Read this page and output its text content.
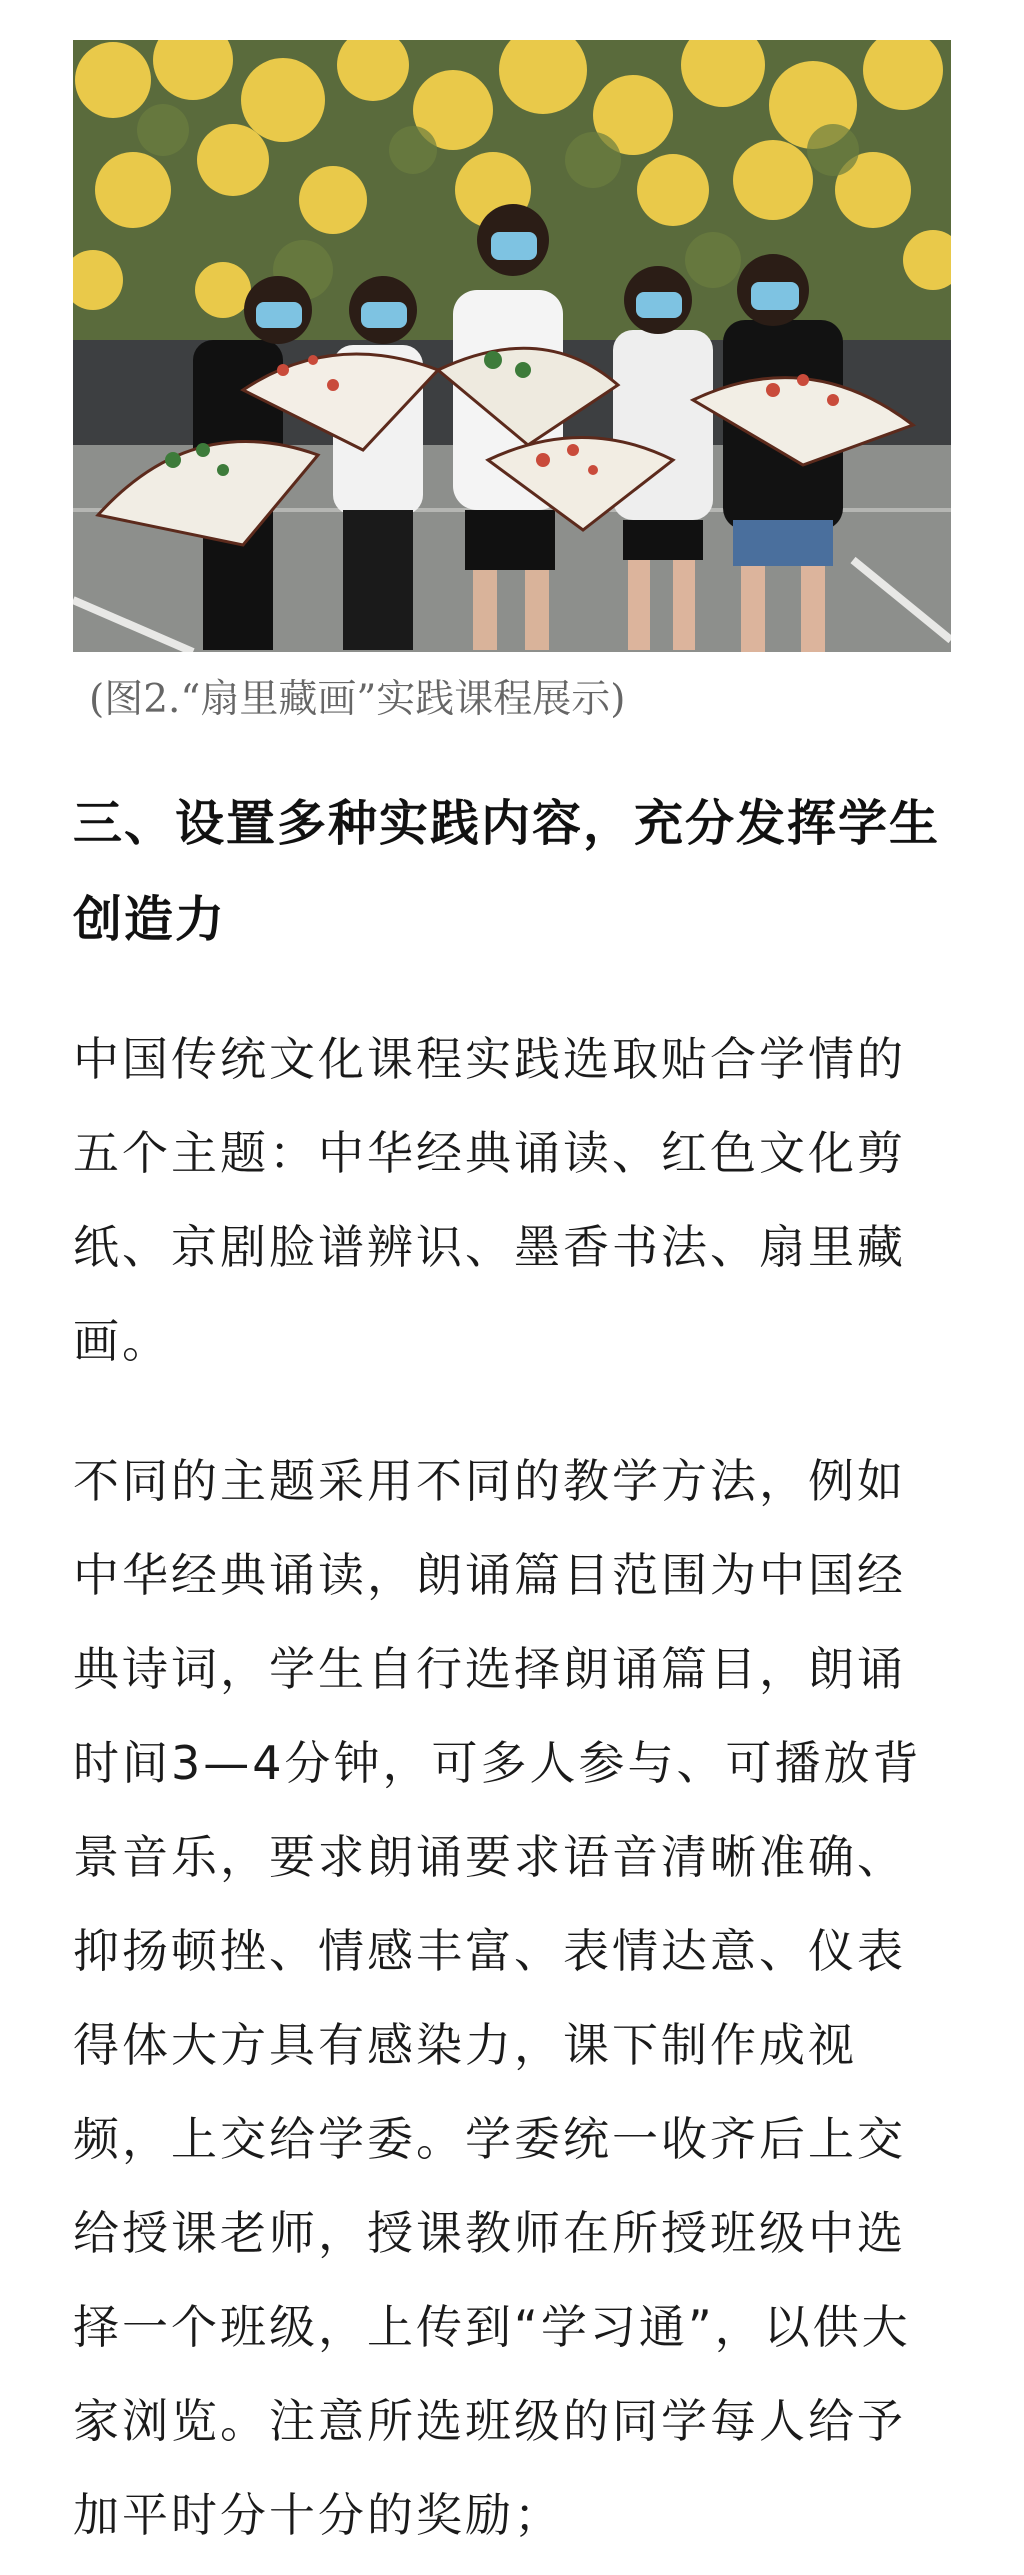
(图2.“扇里藏画”实践课程展示)
三、设置多种实践内容，充分发挥学生
创造力
中国传统文化课程实践选取贴合学情的
五个主题：中华经典诵读、红色文化剪
纸、京剧脸谱辨识、墨香书法、扇里藏
画。
不同的主题采用不同的教学方法，例如
中华经典诵读，朗诵篇目范围为中国经
典诗词，学生自行选择朗诵篇目，朗诵
时间3—4分钟，可多人参与、可播放背
景音乐，要求朗诵要求语音清晰准确、
抑扬顿挫、情感丰富、表情达意、仪表
得体大方具有感染力，课下制作成视
频，上交给学委。学委统一收齐后上交
给授课老师，授课教师在所授班级中选
择一个班级，上传到“学习通”，以供大
家浏览。注意所选班级的同学每人给予
加平时分十分的奖励；
